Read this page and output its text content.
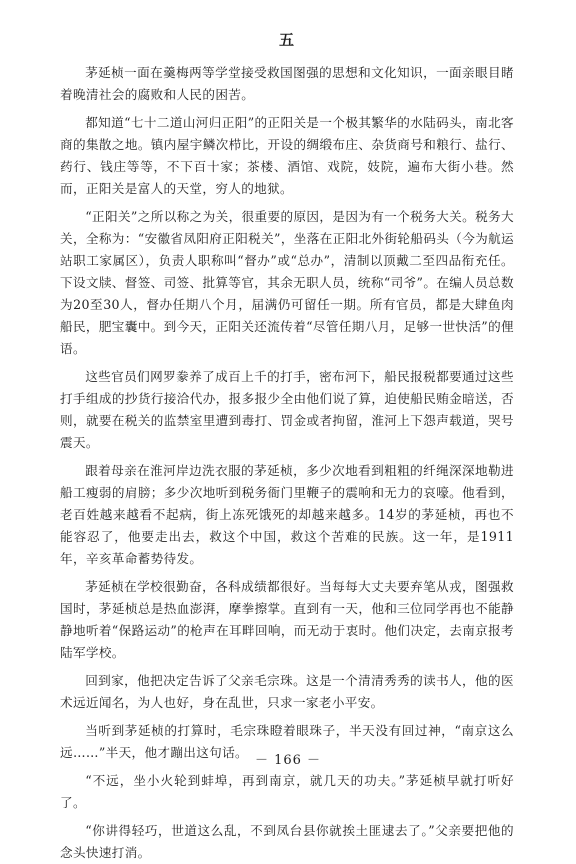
五

茅延桢一面在羹梅两等学堂接受救国图强的思想和文化知识，一面亲眼目睹着晚清社会的腐败和人民的困苦。

都知道“七十二道山河归正阳”的正阳关是一个极其繁华的水陆码头，南北客商的集散之地。镇内屋宇鳞次栉比，开设的绸缎布庄、杂货商号和粮行、盐行、药行、钱庄等等，不下百十家；茶楼、酒馆、戏院，妓院，遍布大街小巷。然而，正阳关是富人的天堂，穷人的地狱。

“正阳关”之所以称之为关，很重要的原因，是因为有一个税务大关。税务大关，全称为：“安徽省凤阳府正阳税关”，坐落在正阳北外街轮船码头（今为航运站职工家属区），负责人职称叫“督办”或“总办”，清制以顶戴二至四品衔充任。下设文牍、督签、司签、批算等官，其余无职人员，统称“司爷”。在编人员总数为20至30人，督办任期八个月，届满仍可留任一期。所有官员，都是大肆鱼肉船民，肥宝囊中。到今天，正阳关还流传着“尽管任期八月，足够一世快活”的俚语。

这些官员们网罗豢养了成百上千的打手，密布河下，船民报税都要通过这些打手组成的抄货行接洽代办，报多报少全由他们说了算，迫使船民贿金暗送，否则，就要在税关的监禁室里遭到毒打、罚金或者拘留，淮河上下怨声载道，哭号震天。

跟着母亲在淮河岸边洗衣服的茅延桢，多少次地看到粗粗的纤绳深深地勒进船工瘦弱的肩膀；多少次地听到税务衙门里鞭子的震响和无力的哀嚎。他看到，老百姓越来越看不起病，街上冻死饿死的却越来越多。14岁的茅延桢，再也不能容忍了，他要走出去，救这个中国，救这个苦难的民族。这一年，是1911年，辛亥革命蓄势待发。

茅延桢在学校很勤奋，各科成绩都很好。当每每大丈夫要弃笔从戎，图强救国时，茅延桢总是热血澎湃，摩拳擦掌。直到有一天，他和三位同学再也不能静静地听着“保路运动”的枪声在耳畔回响，而无动于衷时。他们决定，去南京报考陆军学校。

回到家，他把决定告诉了父亲毛宗珠。这是一个清清秀秀的读书人，他的医术远近闻名，为人也好，身在乱世，只求一家老小平安。

当听到茅延桢的打算时，毛宗珠瞪着眼珠子，半天没有回过神，“南京这么远……”半天，他才蹦出这句话。

“不远，坐小火轮到蚌埠，再到南京，就几天的功夫。”茅延桢早就打听好了。

“你讲得轻巧，世道这么乱，不到凤台县你就挨土匪逮去了。”父亲要把他的念头快速打消。

－ 166 －
